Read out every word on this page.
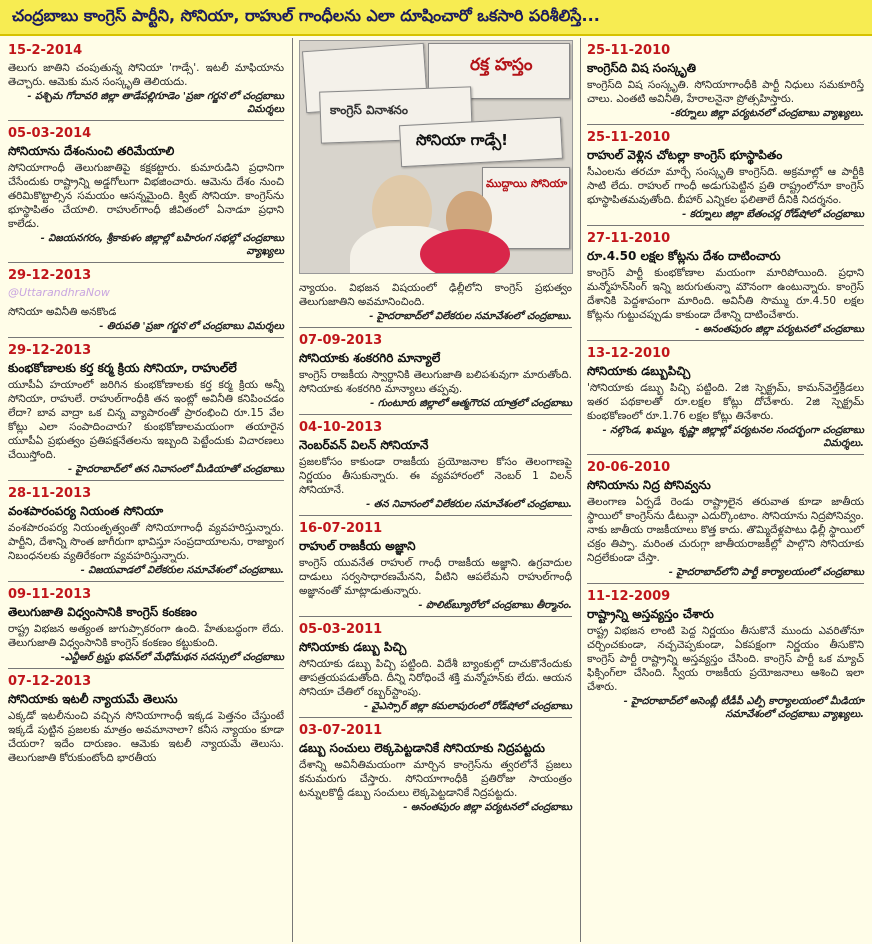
చంద్రబాబు కాంగ్రెస్ పార్టీని, సోనియా, రాహుల్ గాంధీలను ఎలా దూషించారో ఒకసారి పరిశీలిస్తే...
15-2-2014

తెలుగు జాతిని చంపుతున్న సోనియా 'గాడ్సే'. ఇటలీ మాఫియాను తెచ్చారు. ఆమెకు మన సంస్కృతి తెలియదు.

- పశ్చిమ గోదావరి జిల్లా తాడేపల్లిగూడెం 'ప్రజా గర్జన'లో చంద్రబాబు విమర్శలు

05-03-2014
సోనియాను దేశంనుంచి తరిమేయాలి

సోనియాగాంధీ తెలుగుజాతిపై కక్షకట్టారు. కుమారుడిని ప్రధానిగా చేసేందుకు రాష్ట్రాన్ని అడ్డగోలుగా విభజించారు. ఆమెను దేశం నుంచి తరిమికొట్టాల్సిన సమయం ఆసన్నమైంది. క్విట్ సోనియా. కాంగ్రెస్‌ను భూస్థాపితం చేయాలి. రాహుల్‌గాంధీ జీవితంలో ఏనాడూ ప్రధాని కాలేడు.

- విజయనగరం, శ్రీకాకుళం జిల్లాల్లో బహిరంగ సభల్లో చంద్రబాబు వ్యాఖ్యలు

29-12-2013
@UttarandhraNow

సోనియా అవినీతి అనకొండ

- తిరుపతి 'ప్రజా గర్జన'లో చంద్రబాబు విమర్శలు

29-12-2013
కుంభకోణాలకు కర్త కర్మ క్రియ సోనియా, రాహుల్‌లే

యూపీఏ హయాంలో జరిగిన కుంభకోణాలకు కర్త కర్మ క్రియ అన్నీ సోనియా, రాహులే. రాహుల్‌గాంధీకి తన ఇంట్లో అవినీతి కనిపించడం లేదా? బావ వాద్రా ఒక చిన్న వ్యాపారంతో ప్రారంభించి రూ.15 వేల కోట్లు ఎలా సంపాదించారు? కుంభకోణాలమయంగా తయారైన యూపీఏ ప్రభుత్వం ప్రతిపక్షనేతలను ఇబ్బంది పెట్టేందుకు విచారణలు చేయిస్తోంది.

- హైదరాబాద్‌లో తన నివాసంలో మీడియాతో చంద్రబాబు

28-11-2013
వంశపారంపర్య నియంత సోనియా

వంశపారంపర్య నియంతృత్వంతో సోనియాగాంధీ వ్యవహరిస్తున్నారు. పార్టీని, దేశాన్ని సొంత జాగీరుగా భావిస్తూ సంప్రదాయాలను, రాజ్యాంగ నిబంధనలకు వ్యతిరేకంగా వ్యవహరిస్తున్నారు.

- విజయవాడలో విలేకరుల సమావేశంలో చంద్రబాబు.

09-11-2013
తెలుగుజాతి విధ్వంసానికి కాంగ్రెస్ కంకణం

రాష్ట్ర విభజన అత్యంత జుగుప్సాకరంగా ఉంది. హేతుబద్ధంగా లేదు. తెలుగుజాతి విధ్వంసానికి కాంగ్రెస్ కంకణం కట్టుకుంది.

-ఎన్టీఆర్ ట్రస్టు భవన్‌లో మేధోమథన సదస్సులో చంద్రబాబు

07-12-2013
సోనియాకు ఇటలీ న్యాయమే తెలుసు

ఎక్కడో ఇటలీనుంచి వచ్చిన సోనియాగాంధీ ఇక్కడ పెత్తనం చేస్తుంటే ఇక్కడే పుట్టిన ప్రజలకు మాత్రం అవమానాలా? కనీస న్యాయం కూడా చేయరా? ఇదేం దారుణం. ఆమెకు ఇటలీ న్యాయమే తెలుసు. తెలుగుజాతి కోరుకుంటోంది భారతీయ

రక్త హస్తం
కాంగ్రెస్ వినాశనం
సోనియా గాడ్సే!
ముద్దాయి సోనియా

న్యాయం. విభజన విషయంలో ఢిల్లీలోని కాంగ్రెస్ ప్రభుత్వం తెలుగుజాతిని అవమానించింది.

- హైదరాబాద్‌లో విలేకరుల సమావేశంలో చంద్రబాబు.

07-09-2013
సోనియాకు శంకరగిరి మాన్యాలే

కాంగ్రెస్ రాజకీయ స్వార్థానికి తెలుగుజాతి బలిపశువుగా మారుతోంది. సోనియాకు శంకరగిరి మాన్యాలు తప్పవు.

- గుంటూరు జిల్లాలో ఆత్మగౌరవ యాత్రలో చంద్రబాబు

04-10-2013
నెంబర్‌వన్ విలన్ సోనియానే

ప్రజలకోసం కాకుండా రాజకీయ ప్రయోజనాల కోసం తెలంగాణపై నిర్ణయం తీసుకున్నారు. ఈ వ్యవహారంలో నెంబర్ 1 విలన్ సోనియానే.

- తన నివాసంలో విలేకరుల సమావేశంలో చంద్రబాబు.

16-07-2011
రాహుల్ రాజకీయ అజ్ఞాని

కాంగ్రెస్ యువనేత రాహుల్ గాంధీ రాజకీయ అజ్ఞాని. ఉగ్రవాదుల దాడులు సర్వసాధారణమేనని, వీటిని ఆపలేమని రాహుల్‌గాంధీ అజ్ఞానంతో మాట్లాడుతున్నారు.

- పొలిట్‌బ్యూరోలో చంద్రబాబు తీర్మానం.

05-03-2011
సోనియాకు డబ్బు పిచ్చి

సోనియాకు డబ్బు పిచ్చి పట్టింది. విదేశీ బ్యాంకుల్లో దాచుకొనేందుకు తాపత్రయపడుతోంది. దీన్ని నిరోధించే శక్తి మన్మోహన్‌కు లేదు. ఆయన సోనియా చేతిలో రబ్బర్‌స్టాంపు.

- వైఎస్సార్ జిల్లా కమలాపురంలో రోడ్‌షోలో చంద్రబాబు

03-07-2011
డబ్బు సంచులు లెక్కపెట్టడానికే సోనియాకు నిద్రపట్టదు

దేశాన్ని అవినీతిమయంగా మార్చిన కాంగ్రెస్‌ను త్వరలోనే ప్రజలు కనుమరుగు చేస్తారు. సోనియాగాంధీకి ప్రతిరోజు సాయంత్రం టన్నులకొద్దీ డబ్బు సంచులు లెక్కపెట్టడానికే నిద్రపట్టదు.

- అనంతపురం జిల్లా పర్యటనలో చంద్రబాబు

25-11-2010
కాంగ్రెస్‌ది విష సంస్కృతి

కాంగ్రెస్‌ది విష సంస్కృతి. సోనియాగాంధీకి పార్టీ నిధులు సమకూరిస్తే చాలు. ఎంతటి అవినీతి, హేరాలనైనా ప్రోత్సహిస్తారు.

-కర్నూలు జిల్లా పర్యటనలో చంద్రబాబు వ్యాఖ్యలు.

25-11-2010
రాహుల్ వెళ్లిన చోటల్లా కాంగ్రెస్ భూస్థాపితం

సీఎంలను తరచూ మార్చే సంస్కృతి కాంగ్రెస్‌ది. అక్రమాల్లో ఆ పార్టీకి సాటి లేదు. రాహుల్ గాంధీ అడుగుపెట్టిన ప్రతి రాష్ట్రంలోనూ కాంగ్రెస్ భూస్థాపితమవుతోంది. బీహార్ ఎన్నికల ఫలితాలే దీనికి నిదర్శనం.

- కర్నూలు జిల్లా బేతంచర్ల రోడ్‌షోలో చంద్రబాబు

27-11-2010
రూ.4.50 లక్షల కోట్లను దేశం దాటించారు

కాంగ్రెస్ పార్టీ కుంభకోణాల మయంగా మారిపోయింది. ప్రధాని మన్మోహన్‌సింగ్ ఇన్ని జరుగుతున్నా మౌనంగా ఉంటున్నారు. కాంగ్రెస్ దేశానికి పెద్దశాపంగా మారింది. అవినీతి సొమ్ము రూ.4.50 లక్షల కోట్లను గుట్టుచప్పుడు కాకుండా దేశాన్ని దాటించేశారు.

- అనంతపురం జిల్లా పర్యటనలో చంద్రబాబు

13-12-2010
సోనియాకు డబ్బుపిచ్చి

'సోనియాకు డబ్బు పిచ్చి పట్టింది. 2జి స్పెక్ట్రమ్, కామన్‌వెల్త్‌క్రీడలు ఇతర పథకాలతో రూ.లక్షల కోట్లు దోచేశారు. 2జి స్పెక్ట్రమ్ కుంభకోణంలో రూ.1.76 లక్షల కోట్లు తినేశారు.

- నల్గొండ, ఖమ్మం, కృష్ణా జిల్లాల్లో పర్యటనల సందర్భంగా చంద్రబాబు విమర్శలు.

20-06-2010
సోనియాను నిద్ర పోనివ్వను

తెలంగాణ ఏర్పడే రెండు రాష్ట్రాలైన తరువాత కూడా జాతీయ స్థాయిలో కాంగ్రెస్‌ను డీటున్గా ఎదుర్కొంటాం. సోనియాను నిద్రపోనివ్వం. నాకు జాతీయ రాజకీయాలు కొత్త కాదు. తొమ్మిదేళ్లపాటు ఢిల్లీ స్థాయిలో చక్రం తిప్పా. మరింత చురుగ్గా జాతీయరాజకీల్లో పాల్గొని సోనియాకు నిద్రలేకుండా చేస్తా.

- హైదరాబాద్‌లోని పార్టీ కార్యాలయంలో చంద్రబాబు

11-12-2009
రాష్ట్రాన్ని అస్తవ్యస్తం చేశారు

రాష్ట్ర విభజన లాంటి పెద్ద నిర్ణయం తీసుకొనే ముందు ఎవరితోనూ చర్చించకుండా, నచ్చచెప్పకుండా, ఏకపక్షంగా నిర్ణయం తీసుకొని కాంగ్రెస్ పార్టీ రాష్ట్రాన్ని అస్తవ్యస్తం చేసింది. కాంగ్రెస్ పార్టీ ఒక మ్యాచ్ ఫిక్సింగ్‌లా చేసింది. స్వీయ రాజకీయ ప్రయోజనాలు ఆశించి ఇలా చేశారు.

- హైదరాబాద్‌లో అసెంబ్లీ టీడీపీ ఎల్పీ కార్యాలయంలో మీడియా సమావేశంలో చంద్రబాబు వ్యాఖ్యలు.
